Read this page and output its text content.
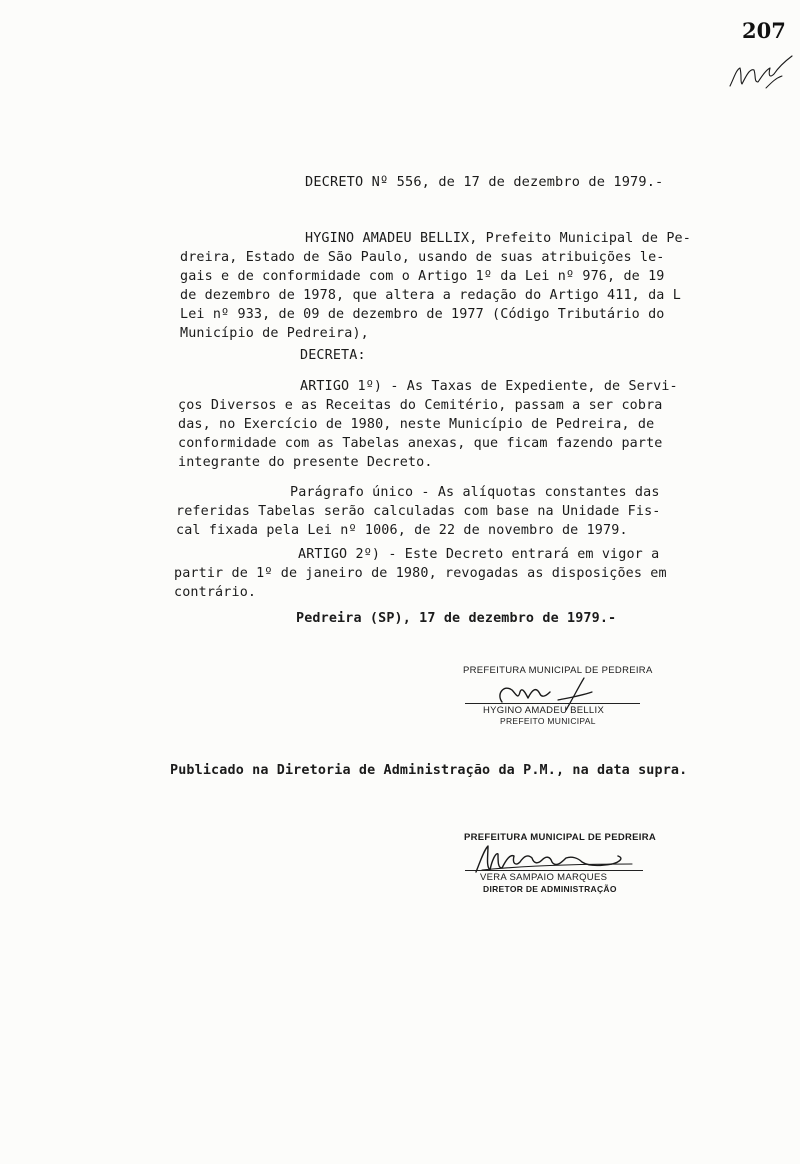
207
DECRETO Nº 556, de 17 de dezembro de 1979.-
HYGINO AMADEU BELLIX, Prefeito Municipal de Pe-
dreira, Estado de São Paulo, usando de suas atribuições le-
gais e de conformidade com o Artigo 1º da Lei nº 976, de 19
de dezembro de 1978, que altera a redação do Artigo 411, da L
Lei nº 933, de 09 de dezembro de 1977 (Código Tributário do
Município de Pedreira),
DECRETA:
ARTIGO 1º) - As Taxas de Expediente, de Servi-
ços Diversos e as Receitas do Cemitério, passam a ser cobra
das, no Exercício de 1980, neste Município de Pedreira, de
conformidade com as Tabelas anexas, que ficam fazendo parte
integrante do presente Decreto.
Parágrafo único - As alíquotas constantes das
referidas Tabelas serão calculadas com base na Unidade Fis-
cal fixada pela Lei nº 1006, de 22 de novembro de 1979.
ARTIGO 2º) - Este Decreto entrará em vigor a
partir de 1º de janeiro de 1980, revogadas as disposições em
contrário.
Pedreira (SP), 17 de dezembro de 1979.-
PREFEITURA MUNICIPAL DE PEDREIRA
HYGINO AMADEU BELLIX
PREFEITO MUNICIPAL
Publicado na Diretoria de Administração da P.M., na data supra.
PREFEITURA MUNICIPAL DE PEDREIRA
VERA SAMPAIO MARQUES
DIRETOR DE ADMINISTRAÇÃO
